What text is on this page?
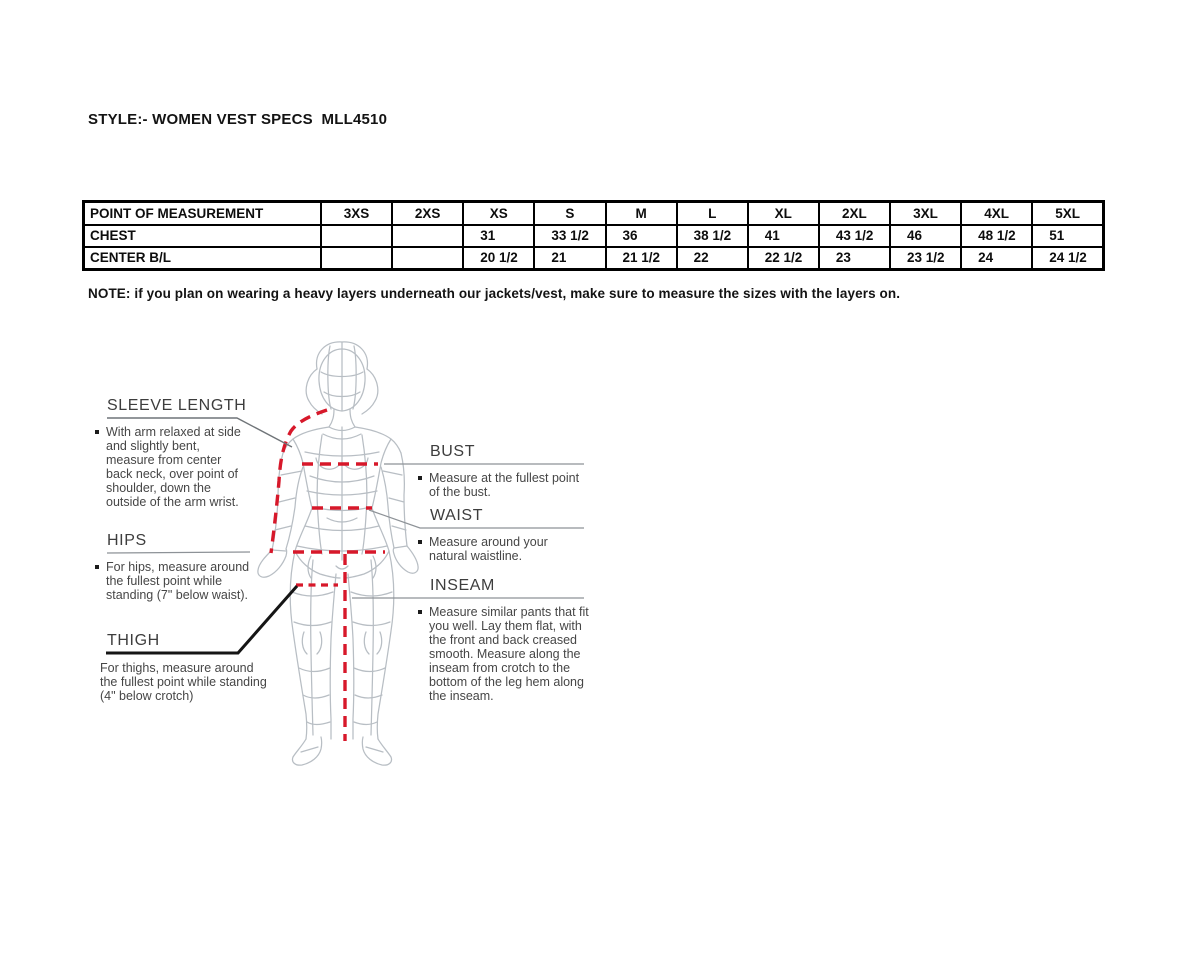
STYLE:- WOMEN VEST SPECS  MLL4510
POINT OF MEASUREMENT	3XS	2XS	XS	S	M	L	XL	2XL	3XL	4XL	5XL
CHEST			31	33 1/2	36	38 1/2	41	43 1/2	46	48 1/2	51
CENTER B/L			20 1/2	21	21 1/2	22	22 1/2	23	23 1/2	24	24 1/2

NOTE: if you plan on wearing a heavy layers underneath our jackets/vest, make sure to measure the sizes with the layers on.

SLEEVE LENGTH
With arm relaxed at side and slightly bent, measure from center back neck, over point of shoulder, down the outside of the arm wrist.
HIPS
For hips, measure around the fullest point while standing (7" below waist).
THIGH
For thighs, measure around the fullest point while standing (4" below crotch)
BUST
Measure at the fullest point of the bust.
WAIST
Measure around your natural waistline.
INSEAM
Measure similar pants that fit you well. Lay them flat, with the front and back creased smooth. Measure along the inseam from crotch to the bottom of the leg hem along the inseam.
